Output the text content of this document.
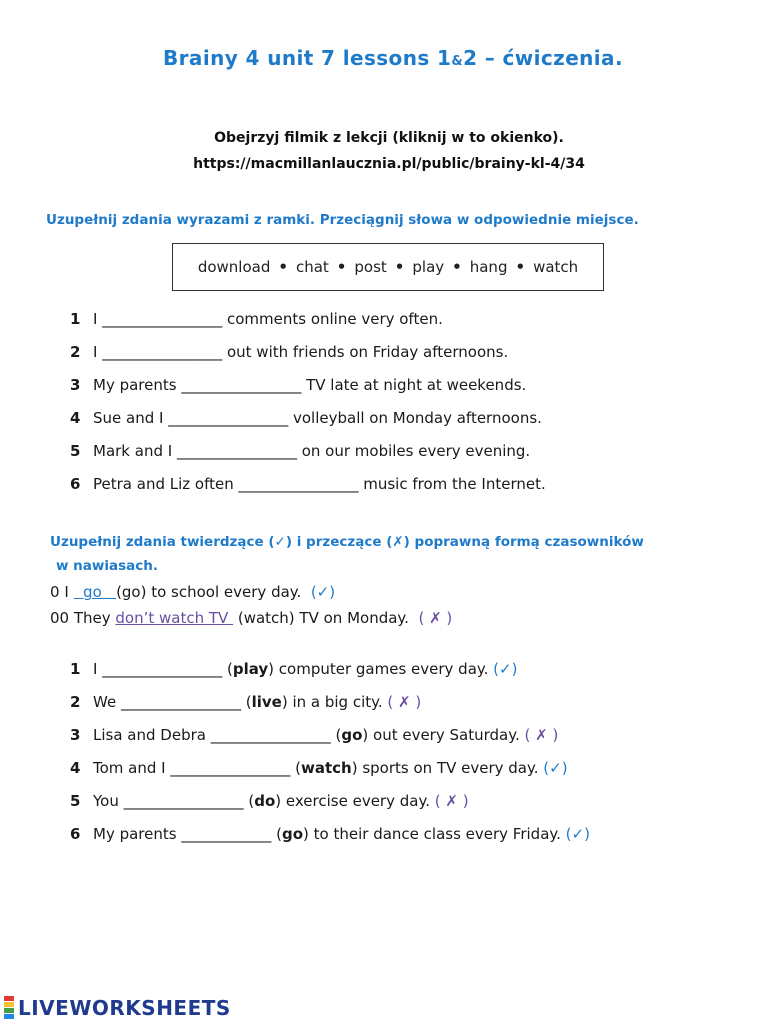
Brainy 4 unit 7 lessons 1&2 – ćwiczenia.
Obejrzyj filmik z lekcji (kliknij w to okienko).
https://macmillanlaucznia.pl/public/brainy-kl-4/34
Uzupełnij zdania wyrazami z ramki. Przeciągnij słowa w odpowiednie miejsce.
download • chat • post • play • hang • watch
1 I ________________ comments online very often.
2 I ________________ out with friends on Friday afternoons.
3 My parents ________________ TV late at night at weekends.
4 Sue and I ________________ volleyball on Monday afternoons.
5 Mark and I ________________ on our mobiles every evening.
6 Petra and Liz often ________________ music from the Internet.
Uzupełnij zdania twierdzące (✓) i przeczące (✗) poprawną formą czasowników
w nawiasach.
0 I   go   (go) to school every day.  (✓)
00 They don’t watch TV  (watch) TV on Monday.  ( ✗ )
1 I ________________ (play) computer games every day. (✓)
2 We ________________ (live) in a big city. ( ✗ )
3 Lisa and Debra ________________ (go) out every Saturday. ( ✗ )
4 Tom and I ________________ (watch) sports on TV every day. (✓)
5 You ________________ (do) exercise every day. ( ✗ )
6 My parents ____________ (go) to their dance class every Friday. (✓)
LIVEWORKSHEETS
